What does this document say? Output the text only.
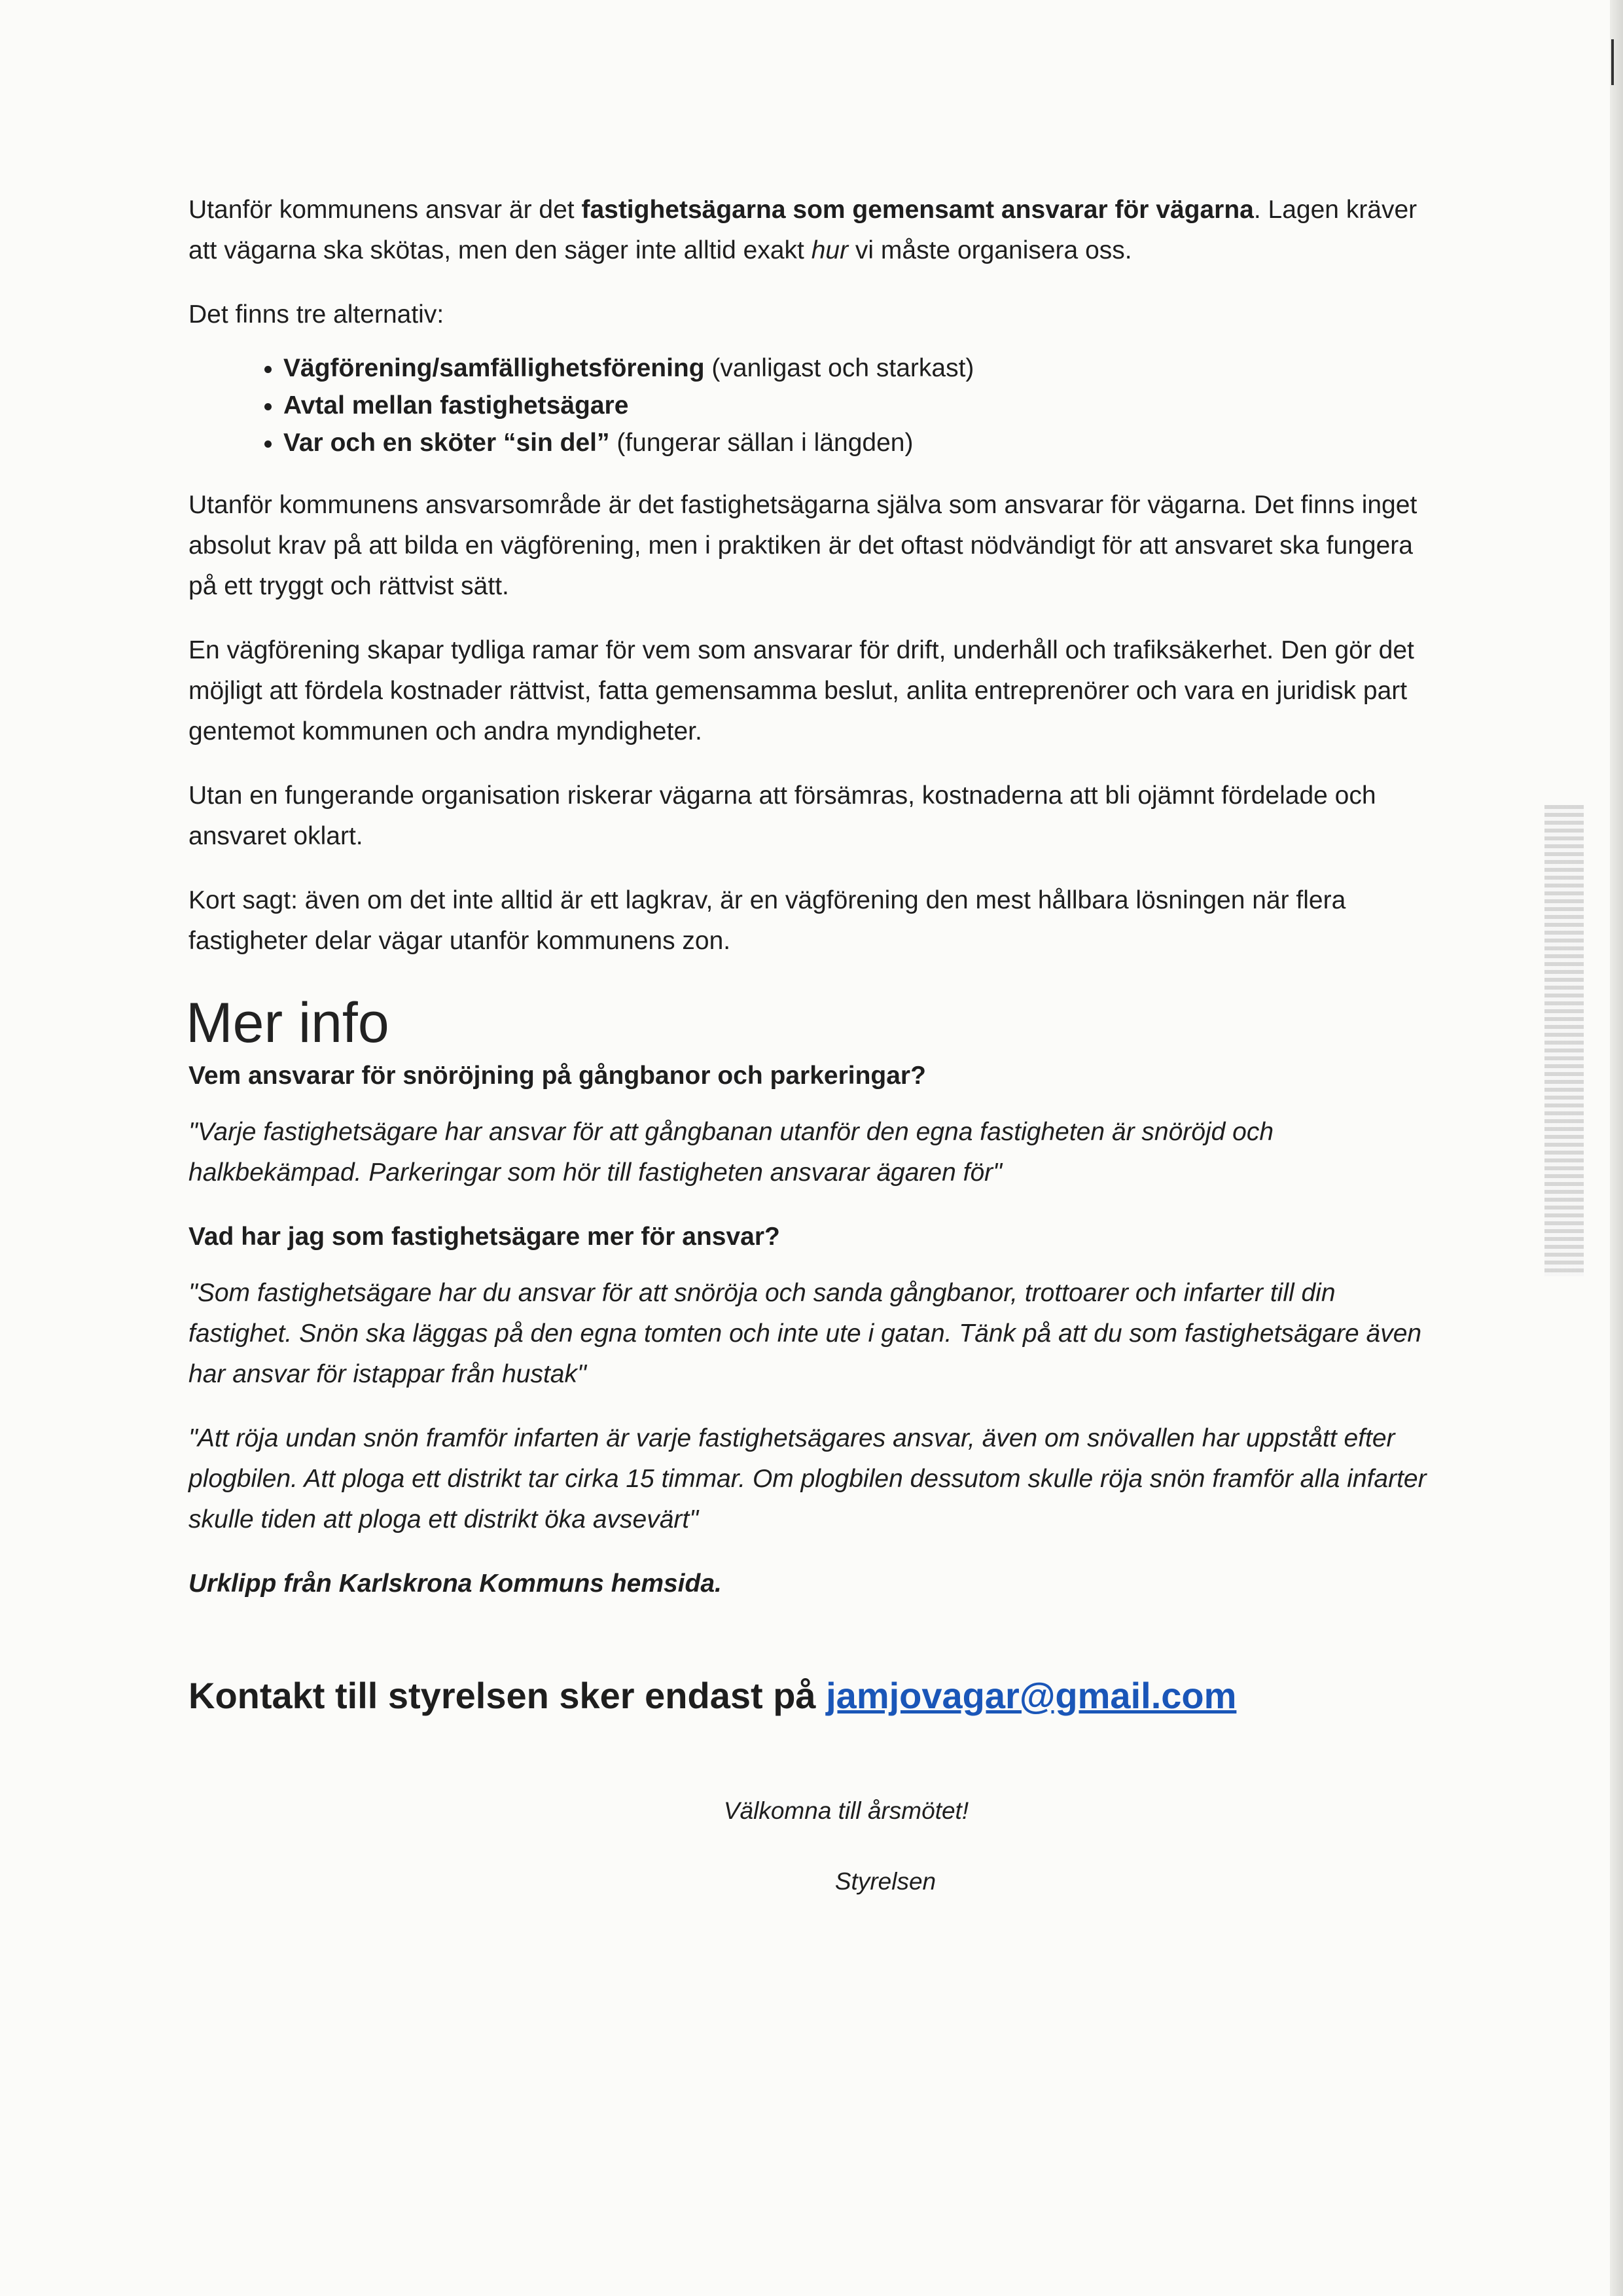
Utanför kommunens ansvar är det fastighetsägarna som gemensamt ansvarar för vägarna. Lagen kräver att vägarna ska skötas, men den säger inte alltid exakt hur vi måste organisera oss.

Det finns tre alternativ:

• Vägförening/samfällighetsförening (vanligast och starkast)
• Avtal mellan fastighetsägare
• Var och en sköter “sin del” (fungerar sällan i längden)

Utanför kommunens ansvarsområde är det fastighetsägarna själva som ansvarar för vägarna. Det finns inget absolut krav på att bilda en vägförening, men i praktiken är det oftast nödvändigt för att ansvaret ska fungera på ett tryggt och rättvist sätt.

En vägförening skapar tydliga ramar för vem som ansvarar för drift, underhåll och trafiksäkerhet. Den gör det möjligt att fördela kostnader rättvist, fatta gemensamma beslut, anlita entreprenörer och vara en juridisk part gentemot kommunen och andra myndigheter.

Utan en fungerande organisation riskerar vägarna att försämras, kostnaderna att bli ojämnt fördelade och ansvaret oklart.

Kort sagt: även om det inte alltid är ett lagkrav, är en vägförening den mest hållbara lösningen när flera fastigheter delar vägar utanför kommunens zon.

Mer info

Vem ansvarar för snöröjning på gångbanor och parkeringar?

"Varje fastighetsägare har ansvar för att gångbanan utanför den egna fastigheten är snöröjd och halkbekämpad. Parkeringar som hör till fastigheten ansvarar ägaren för"

Vad har jag som fastighetsägare mer för ansvar?

"Som fastighetsägare har du ansvar för att snöröja och sanda gångbanor, trottoarer och infarter till din fastighet. Snön ska läggas på den egna tomten och inte ute i gatan. Tänk på att du som fastighetsägare även har ansvar för istappar från hustak"

"Att röja undan snön framför infarten är varje fastighetsägares ansvar, även om snövallen har uppstått efter plogbilen. Att ploga ett distrikt tar cirka 15 timmar. Om plogbilen dessutom skulle röja snön framför alla infarter skulle tiden att ploga ett distrikt öka avsevärt"

Urklipp från Karlskrona Kommuns hemsida.

Kontakt till styrelsen sker endast på jamjovagar@gmail.com

Välkomna till årsmötet!
Styrelsen
